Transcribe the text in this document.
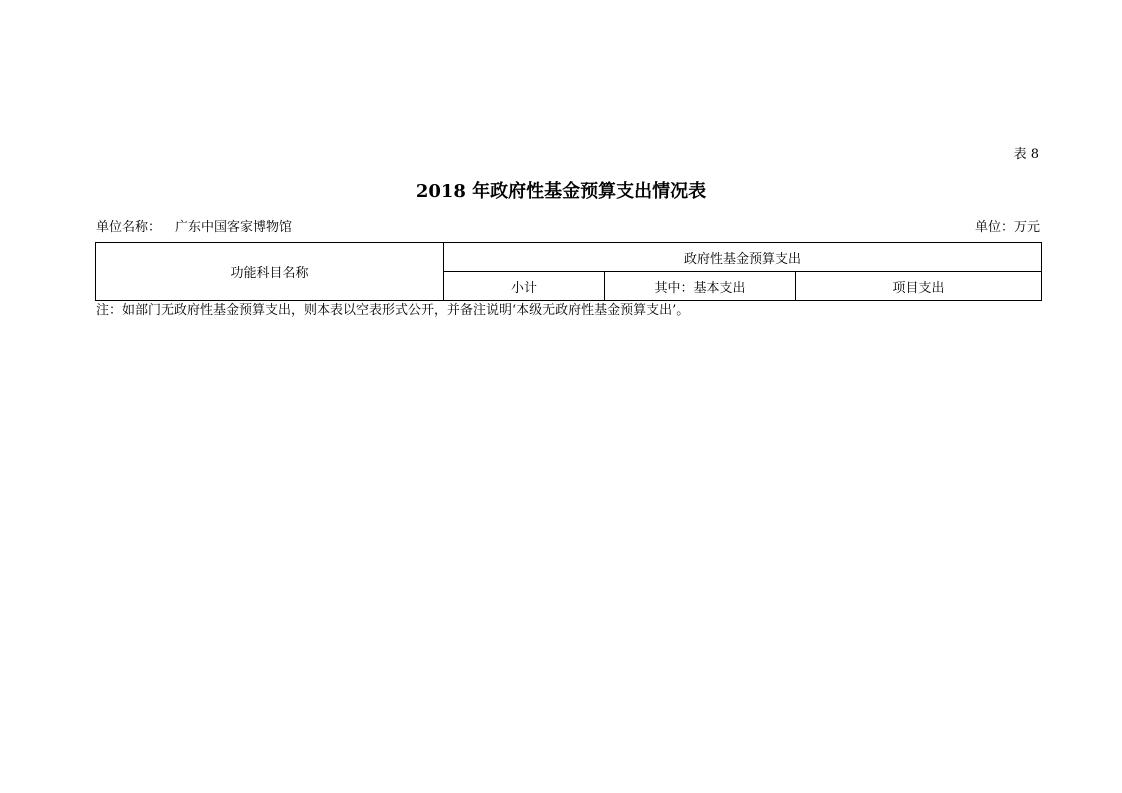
表 8
2018 年政府性基金预算支出情况表
单位名称： 广东中国客家博物馆	单位：万元
功能科目名称	政府性基金预算支出		
	小计	其中：基本支出	项目支出
注：如部门无政府性基金预算支出，则本表以空表形式公开，并备注说明‘本级无政府性基金预算支出’。
